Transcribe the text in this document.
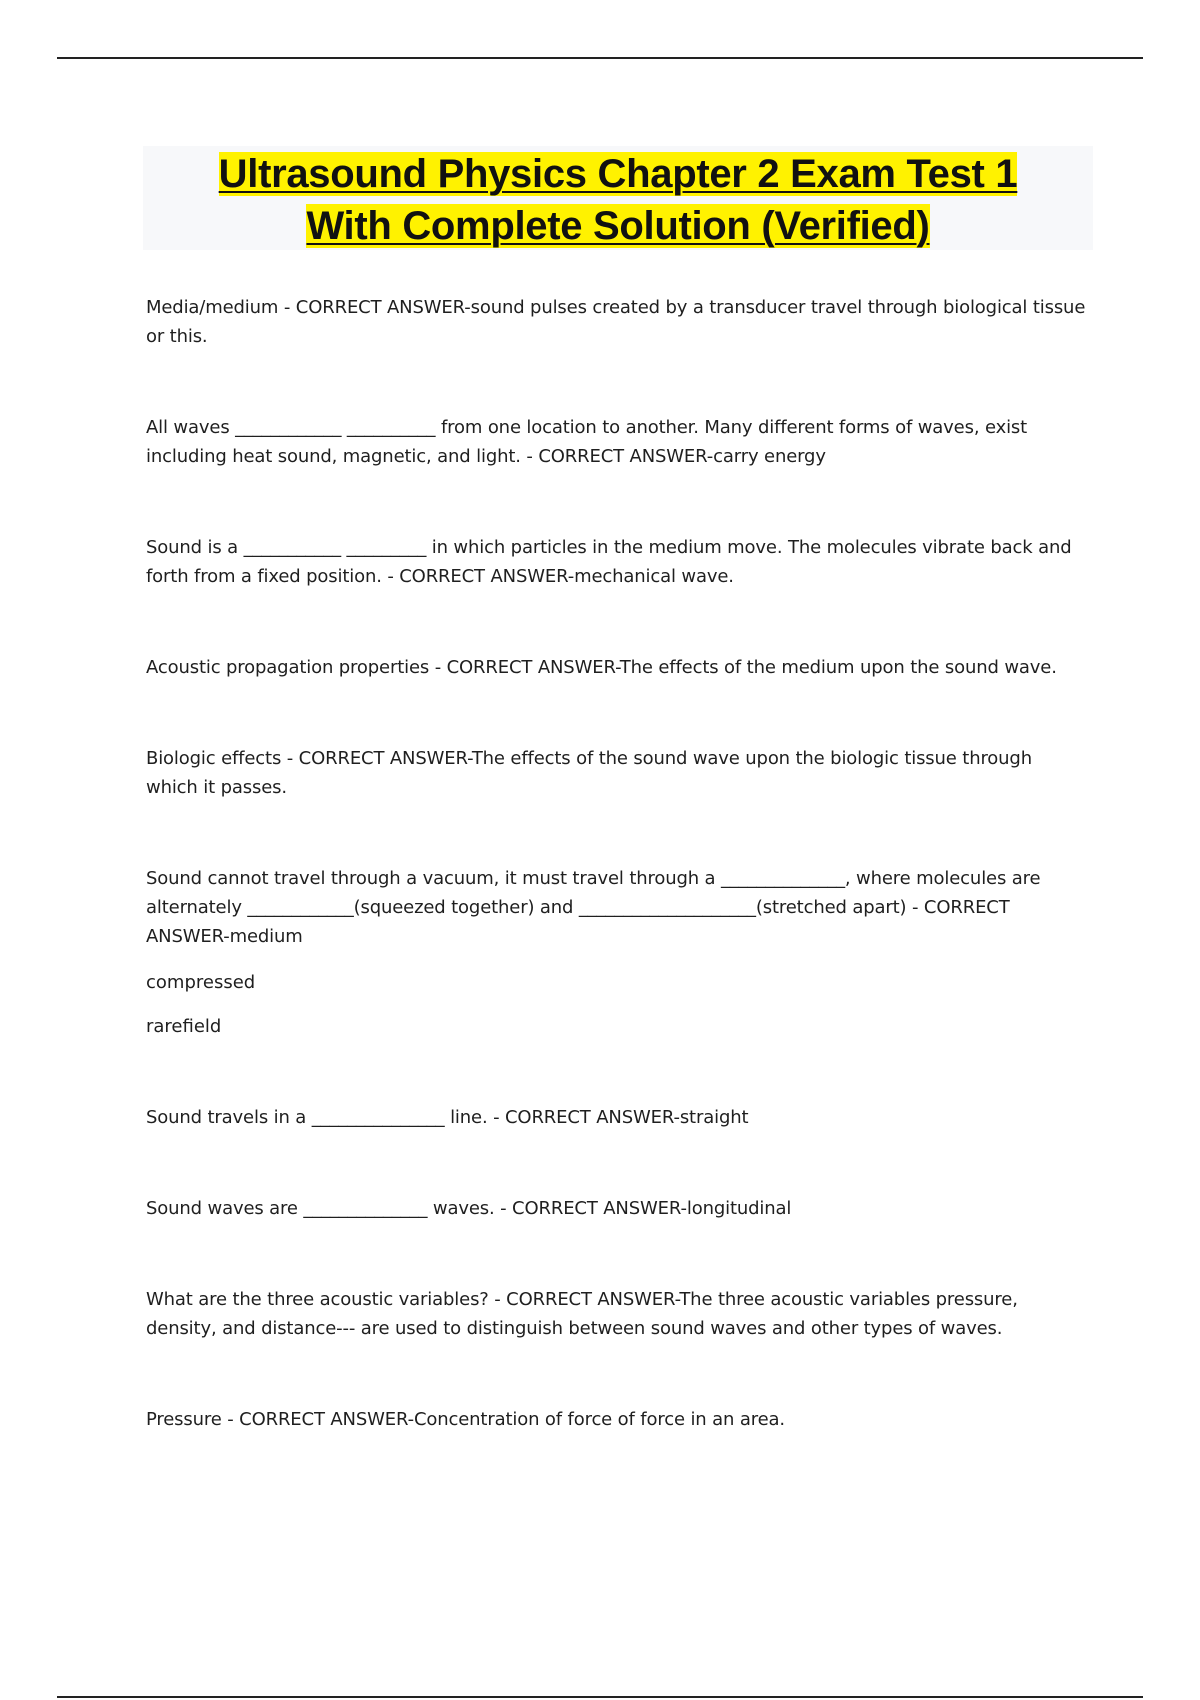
Ultrasound Physics Chapter 2 Exam Test 1
With Complete Solution (Verified)

Media/medium - CORRECT ANSWER-sound pulses created by a transducer travel through biological tissue or this.

All waves ____________ __________ from one location to another. Many different forms of waves, exist including heat sound, magnetic, and light. - CORRECT ANSWER-carry energy

Sound is a ___________ _________ in which particles in the medium move. The molecules vibrate back and forth from a fixed position. - CORRECT ANSWER-mechanical wave.

Acoustic propagation properties - CORRECT ANSWER-The effects of the medium upon the sound wave.

Biologic effects - CORRECT ANSWER-The effects of the sound wave upon the biologic tissue through which it passes.

Sound cannot travel through a vacuum, it must travel through a ______________, where molecules are alternately ____________(squeezed together) and ____________________(stretched apart) - CORRECT ANSWER-medium

compressed

rarefield

Sound travels in a _______________ line. - CORRECT ANSWER-straight

Sound waves are ______________ waves. - CORRECT ANSWER-longitudinal

What are the three acoustic variables? - CORRECT ANSWER-The three acoustic variables pressure, density, and distance--- are used to distinguish between sound waves and other types of waves.

Pressure - CORRECT ANSWER-Concentration of force of force in an area.
